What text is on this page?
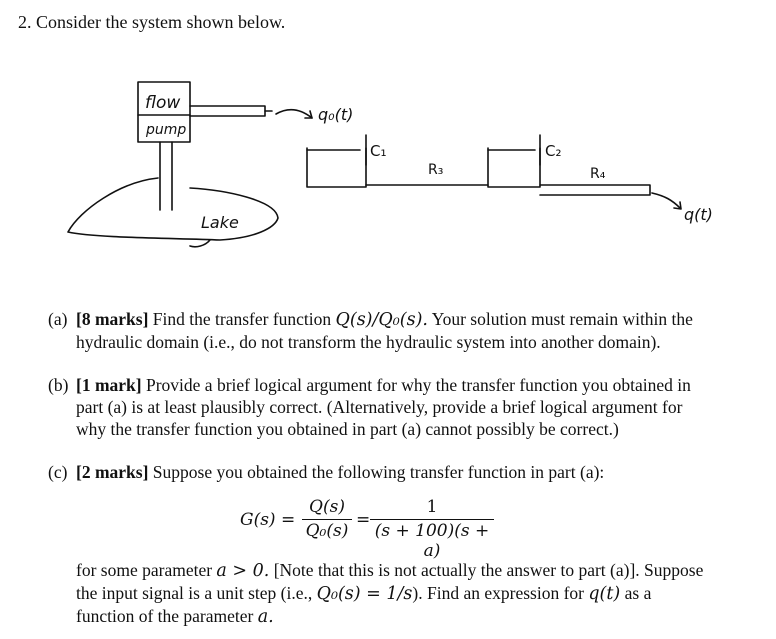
2. Consider the system shown below.
flow
pump
q₀(t)
Lake
C₁
R₃
C₂
R₄
q(t)
(a) [8 marks] Find the transfer function Q(s)/Q₀(s). Your solution must remain within the
hydraulic domain (i.e., do not transform the hydraulic system into another domain).
(b) [1 mark] Provide a brief logical argument for why the transfer function you obtained in
part (a) is at least plausibly correct. (Alternatively, provide a brief logical argument for
why the transfer function you obtained in part (a) cannot possibly be correct.)
(c) [2 marks] Suppose you obtained the following transfer function in part (a):
$G(s) = \frac{Q(s)}{\text{Q₀(s)}} = \frac{1}{(s + 100)(s + a)}$
for some parameter a > 0. [Note that this is not actually the answer to part (a)]. Suppose
the input signal is a unit step (i.e., Q₀(s) = 1/s). Find an expression for q(t) as a
function of the parameter a.
